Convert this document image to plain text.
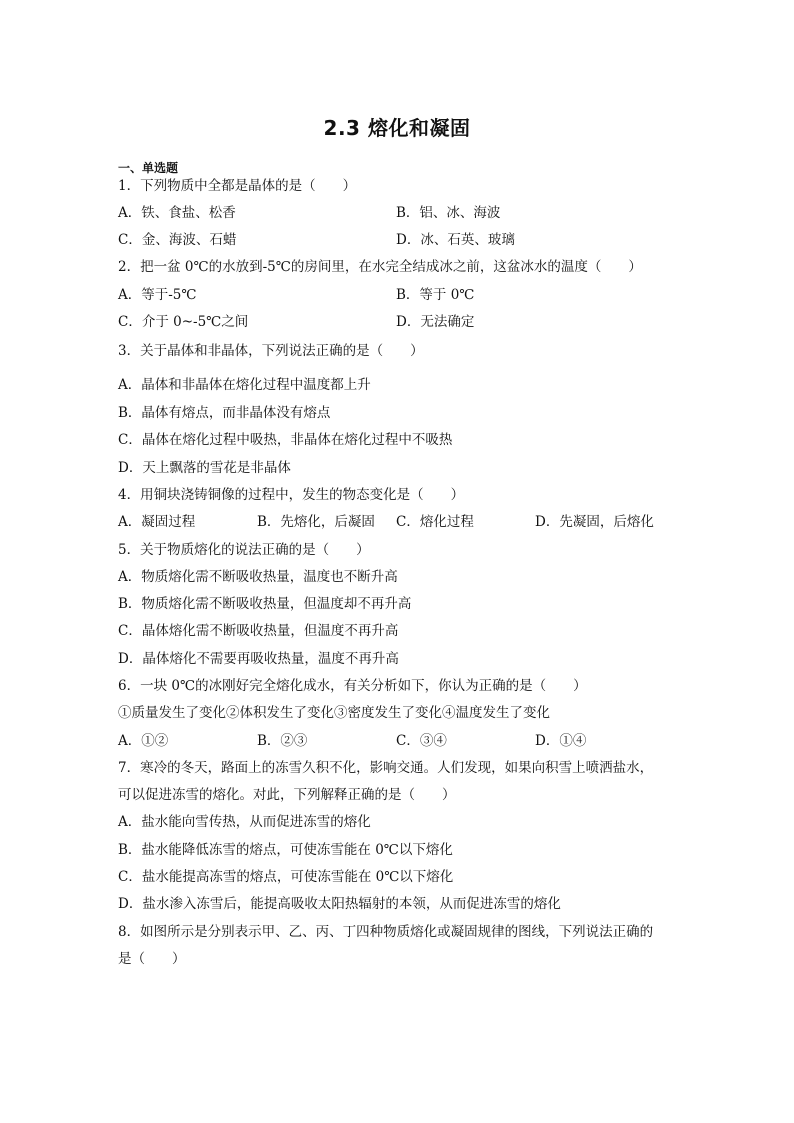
2.3 熔化和凝固
一、单选题
1．下列物质中全都是晶体的是（　　）
A．铁、食盐、松香	B．铝、冰、海波
C．金、海波、石蜡	D．冰、石英、玻璃
2．把一盆 0℃的水放到-5℃的房间里，在水完全结成冰之前，这盆冰水的温度（　　）
A．等于-5℃	B．等于 0℃
C．介于 0~-5℃之间	D．无法确定
3．关于晶体和非晶体，下列说法正确的是（　　）
A．晶体和非晶体在熔化过程中温度都上升
B．晶体有熔点，而非晶体没有熔点
C．晶体在熔化过程中吸热，非晶体在熔化过程中不吸热
D．天上飘落的雪花是非晶体
4．用铜块浇铸铜像的过程中，发生的物态变化是（　　）
A．凝固过程	B．先熔化，后凝固 C．熔化过程	D．先凝固，后熔化
5．关于物质熔化的说法正确的是（　　）
A．物质熔化需不断吸收热量，温度也不断升高
B．物质熔化需不断吸收热量，但温度却不再升高
C．晶体熔化需不断吸收热量，但温度不再升高
D．晶体熔化不需要再吸收热量，温度不再升高
6．一块 0℃的冰刚好完全熔化成水，有关分析如下，你认为正确的是（　　）
①质量发生了变化②体积发生了变化③密度发生了变化④温度发生了变化
A．①②	B．②③	C．③④	D．①④
7．寒冷的冬天，路面上的冻雪久积不化，影响交通。人们发现，如果向积雪上喷洒盐水，
可以促进冻雪的熔化。对此，下列解释正确的是（　　）
A．盐水能向雪传热，从而促进冻雪的熔化
B．盐水能降低冻雪的熔点，可使冻雪能在 0℃以下熔化
C．盐水能提高冻雪的熔点，可使冻雪能在 0℃以下熔化
D．盐水渗入冻雪后，能提高吸收太阳热辐射的本领，从而促进冻雪的熔化
8．如图所示是分别表示甲、乙、丙、丁四种物质熔化或凝固规律的图线，下列说法正确的
是（　　）
